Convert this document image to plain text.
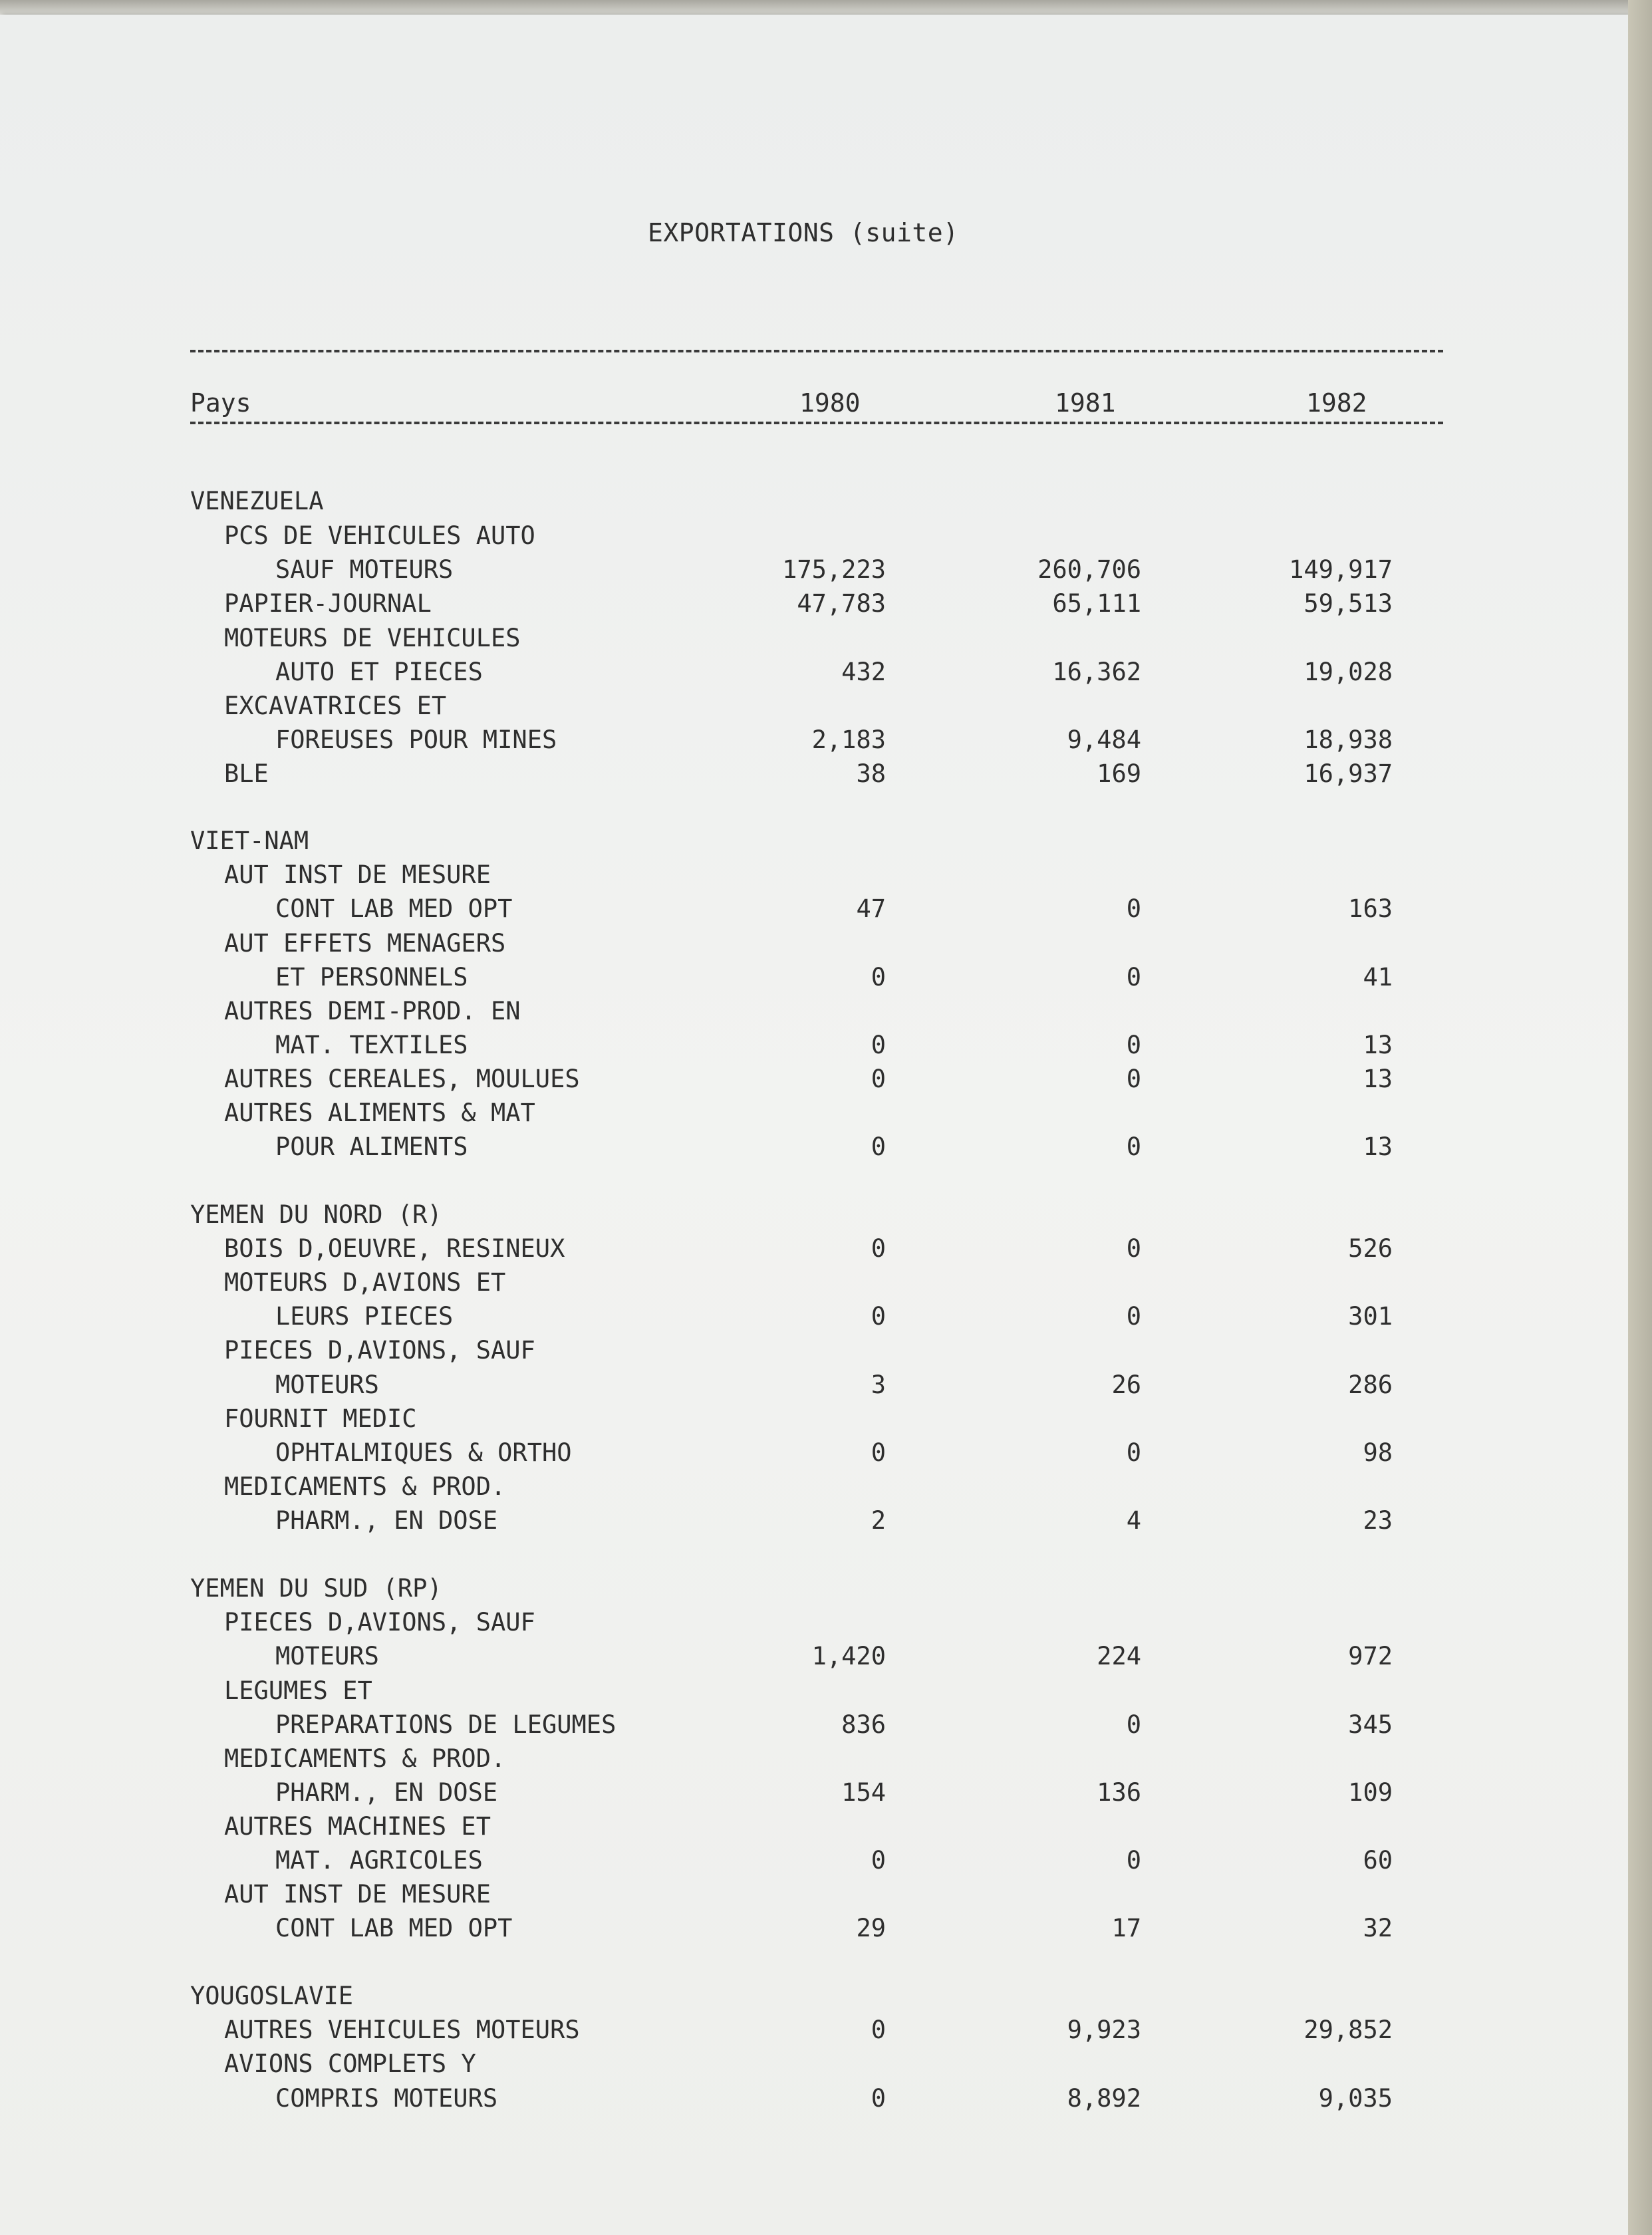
EXPORTATIONS (suite)
Pays	1980	1981	1982
VENEZUELA
PCS DE VEHICULES AUTO
SAUF MOTEURS	175,223	260,706	149,917
PAPIER-JOURNAL	47,783	65,111	59,513
MOTEURS DE VEHICULES
AUTO ET PIECES	432	16,362	19,028
EXCAVATRICES ET
FOREUSES POUR MINES	2,183	9,484	18,938
BLE	38	169	16,937
VIET-NAM
AUT INST DE MESURE
CONT LAB MED OPT	47	0	163
AUT EFFETS MENAGERS
ET PERSONNELS	0	0	41
AUTRES DEMI-PROD. EN
MAT. TEXTILES	0	0	13
AUTRES CEREALES, MOULUES	0	0	13
AUTRES ALIMENTS & MAT
POUR ALIMENTS	0	0	13
YEMEN DU NORD (R)
BOIS D,OEUVRE, RESINEUX	0	0	526
MOTEURS D,AVIONS ET
LEURS PIECES	0	0	301
PIECES D,AVIONS, SAUF
MOTEURS	3	26	286
FOURNIT MEDIC
OPHTALMIQUES & ORTHO	0	0	98
MEDICAMENTS & PROD.
PHARM., EN DOSE	2	4	23
YEMEN DU SUD (RP)
PIECES D,AVIONS, SAUF
MOTEURS	1,420	224	972
LEGUMES ET
PREPARATIONS DE LEGUMES	836	0	345
MEDICAMENTS & PROD.
PHARM., EN DOSE	154	136	109
AUTRES MACHINES ET
MAT. AGRICOLES	0	0	60
AUT INST DE MESURE
CONT LAB MED OPT	29	17	32
YOUGOSLAVIE
AUTRES VEHICULES MOTEURS	0	9,923	29,852
AVIONS COMPLETS Y
COMPRIS MOTEURS	0	8,892	9,035
